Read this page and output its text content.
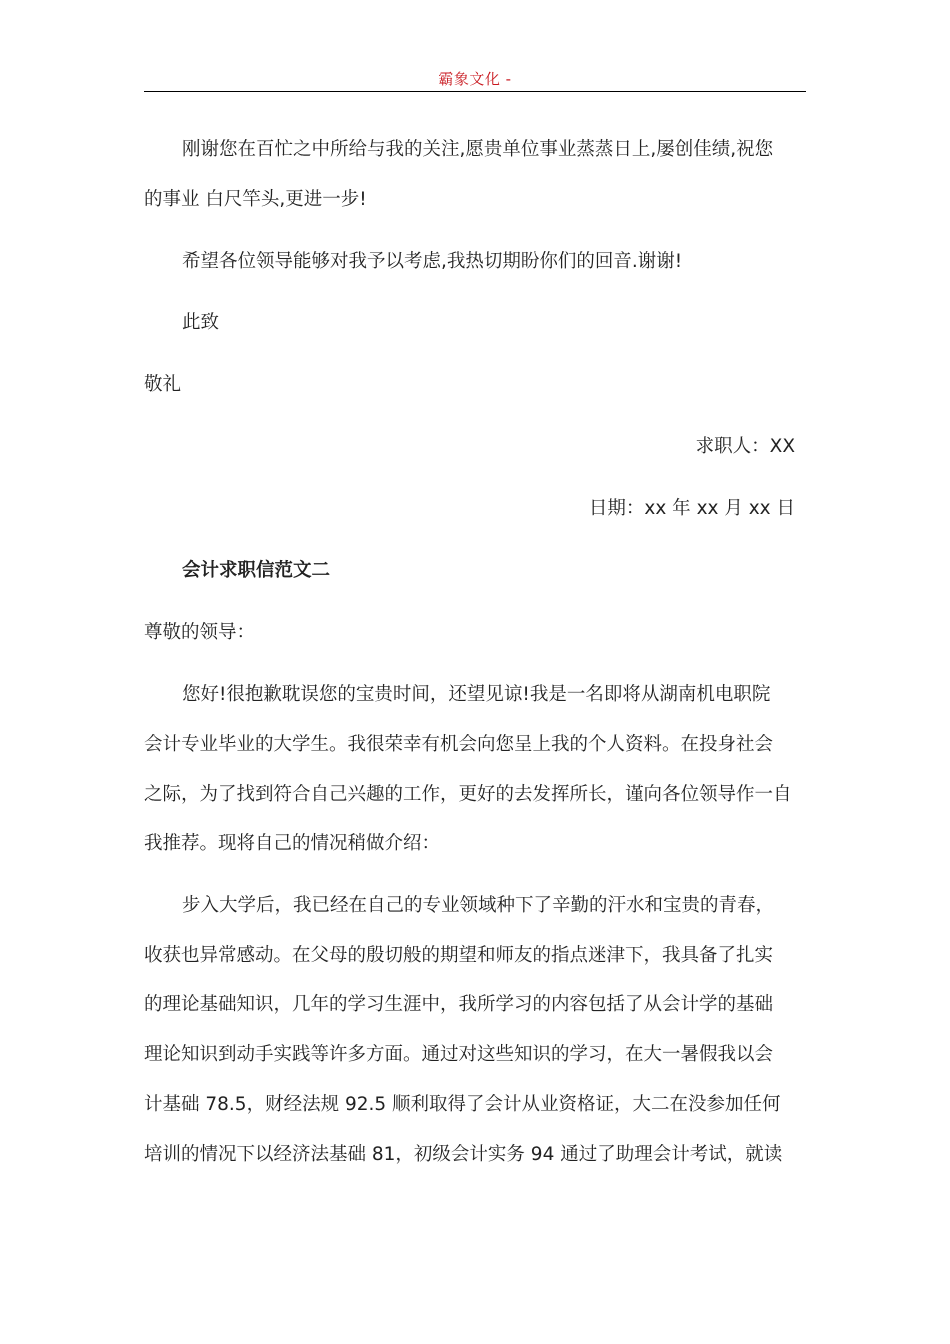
霸象文化 -
刚谢您在百忙之中所给与我的关注,愿贵单位事业蒸蒸日上,屡创佳绩,祝您
的事业 白尺竿头,更进一步!
希望各位领导能够对我予以考虑,我热切期盼你们的回音.谢谢!
此致
敬礼
求职人：XX
日期：xx 年 xx 月 xx 日
会计求职信范文二
尊敬的领导：
您好!很抱歉耽误您的宝贵时间，还望见谅!我是一名即将从湖南机电职院
会计专业毕业的大学生。我很荣幸有机会向您呈上我的个人资料。在投身社会
之际，为了找到符合自己兴趣的工作，更好的去发挥所长，谨向各位领导作一自
我推荐。现将自己的情况稍做介绍：
步入大学后，我已经在自己的专业领域种下了辛勤的汗水和宝贵的青春，
收获也异常感动。在父母的殷切般的期望和师友的指点迷津下，我具备了扎实
的理论基础知识，几年的学习生涯中，我所学习的内容包括了从会计学的基础
理论知识到动手实践等许多方面。通过对这些知识的学习，在大一暑假我以会
计基础 78.5，财经法规 92.5 顺利取得了会计从业资格证，大二在没参加任何
培训的情况下以经济法基础 81，初级会计实务 94 通过了助理会计考试，就读
